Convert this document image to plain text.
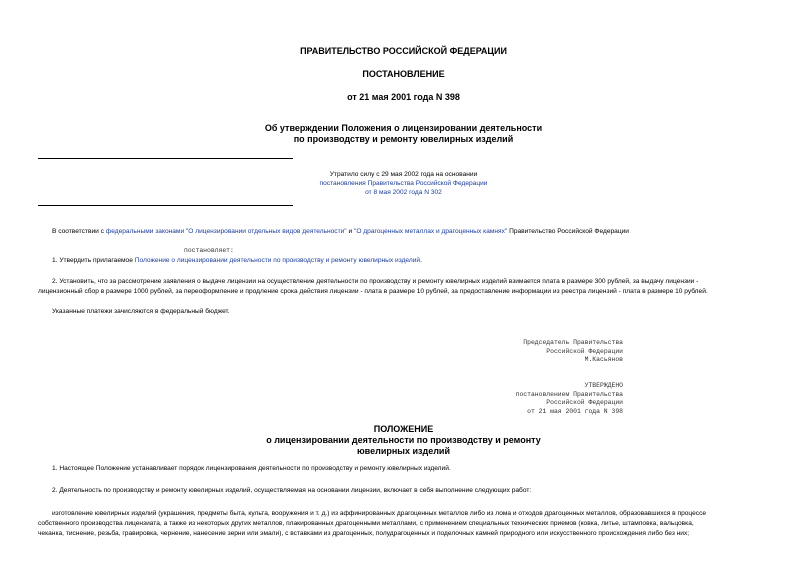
ПРАВИТЕЛЬСТВО РОССИЙСКОЙ ФЕДЕРАЦИИ
ПОСТАНОВЛЕНИЕ
от 21 мая 2001 года N 398
Об утверждении Положения о лицензировании деятельности
по производству и ремонту ювелирных изделий
Утратило силу с 29 мая 2002 года на основании
постановления Правительства Российской Федерации
от 8 мая 2002 года N 302
В соответствии с федеральными законами "О лицензировании отдельных видов деятельности" и "О драгоценных металлах и драгоценных камнях" Правительство Российской Федерации
постановляет:
1. Утвердить прилагаемое Положение о лицензировании деятельности по производству и ремонту ювелирных изделий.
2. Установить, что за рассмотрение заявления о выдаче лицензии на осуществление деятельности по производству и ремонту ювелирных изделий взимается плата в размере 300 рублей, за выдачу лицензии -
лицензионный сбор в размере 1000 рублей, за переоформление и продление срока действия лицензии - плата в размере 10 рублей, за предоставление информации из реестра лицензий - плата в размере 10 рублей.
Указанные платежи зачисляются в федеральный бюджет.
Председатель Правительства
Российской Федерации
М.Касьянов
УТВЕРЖДЕНО
постановлением Правительства
Российской Федерации
от 21 мая 2001 года N 398
ПОЛОЖЕНИЕ
о лицензировании деятельности по производству и ремонту
ювелирных изделий
1. Настоящее Положение устанавливает порядок лицензирования деятельности по производству и ремонту ювелирных изделий.
2. Деятельность по производству и ремонту ювелирных изделий, осуществляемая на основании лицензии, включает в себя выполнение следующих работ:
изготовление ювелирных изделий (украшения, предметы быта, культа, вооружения и т. д.) из аффинированных драгоценных металлов либо из лома и отходов драгоценных металлов, образовавшихся в процессе
собственного производства лицензиата, а также из некоторых других металлов, плакированных драгоценными металлами, с применением специальных технических приемов (ковка, литье, штамповка, вальцовка,
чеканка, тиснение, резьба, гравировка, чернение, нанесение зерни или эмали), с вставками из драгоценных, полудрагоценных и поделочных камней природного или искусственного происхождения либо без них;
